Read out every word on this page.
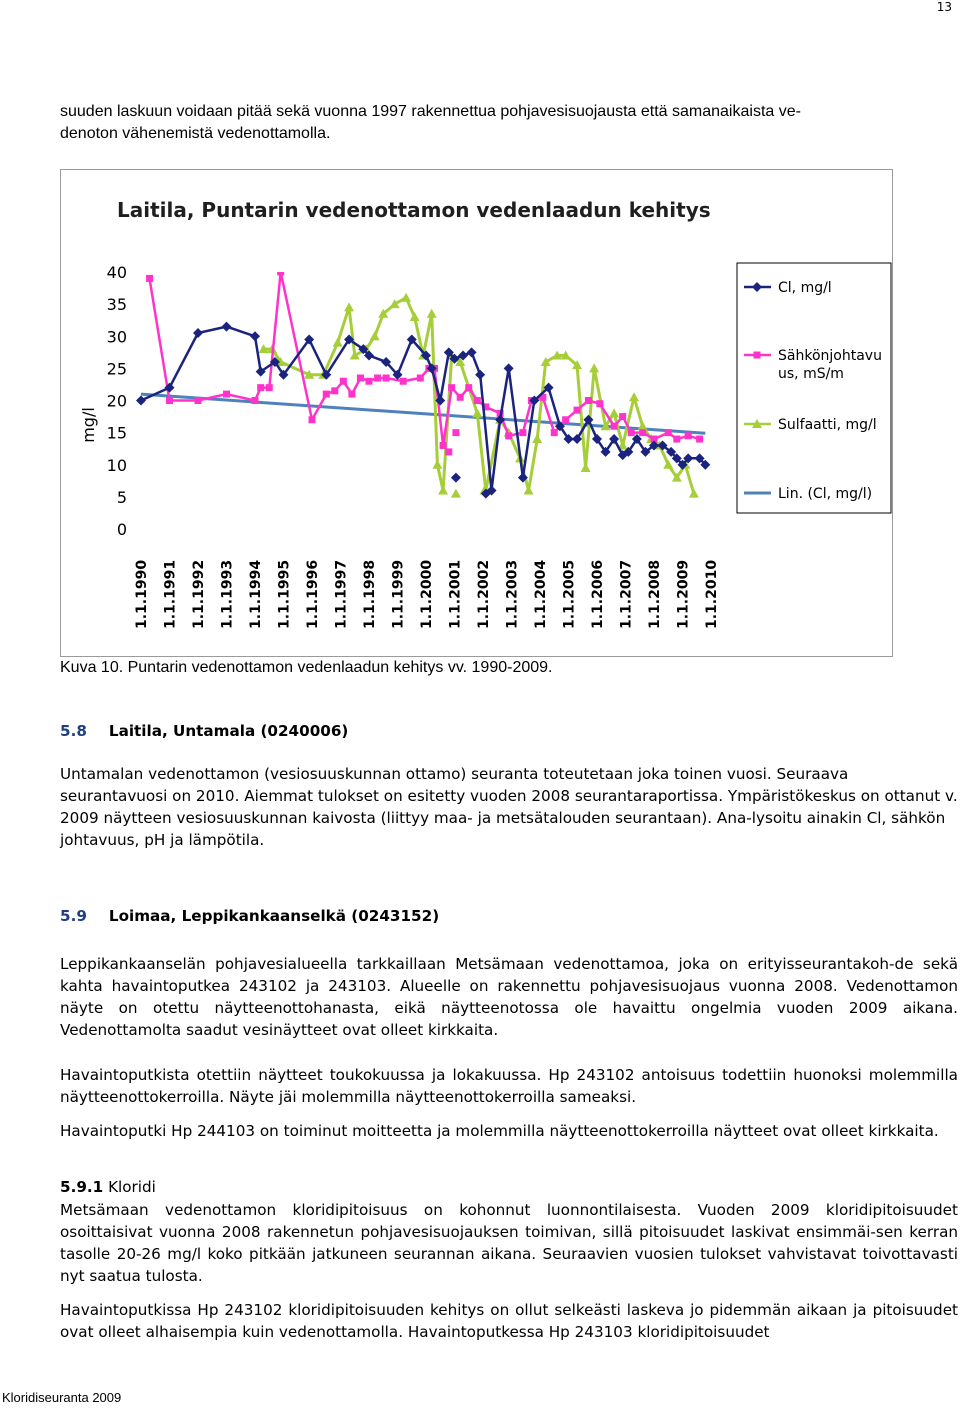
13

suuden laskuun voidaan pitää sekä vuonna 1997 rakennettua pohjavesisuojausta että samanaikaista ve-
denoton vähenemistä vedenottamolla.

Laitila, Puntarin vedenottamon vedenlaadun kehitys
mg/l
0
5
10
15
20
25
30
35
40
1.1.1990 1.1.1991 1.1.1992 1.1.1993 1.1.1994 1.1.1995 1.1.1996 1.1.1997 1.1.1998 1.1.1999 1.1.2000 1.1.2001 1.1.2002 1.1.2003 1.1.2004 1.1.2005 1.1.2006 1.1.2007 1.1.2008 1.1.2009 1.1.2010
Cl, mg/l
Sähkönjohtavu
us, mS/m
Sulfaatti, mg/l
Lin. (Cl, mg/l)
Kuva 10. Puntarin vedenottamon vedenlaadun kehitys vv. 1990-2009.
5.8 Laitila, Untamala (0240006)

Untamalan vedenottamon (vesiosuuskunnan ottamo) seuranta toteutetaan joka toinen vuosi. Seuraava seurantavuosi on 2010. Aiemmat tulokset on esitetty vuoden 2008 seurantaraportissa. Ympäristökeskus on ottanut v. 2009 näytteen vesiosuuskunnan kaivosta (liittyy maa- ja metsätalouden seurantaan). Ana-lysoitu ainakin Cl, sähkön johtavuus, pH ja lämpötila.

5.9 Loimaa, Leppikankaanselkä (0243152)

Leppikankaanselän pohjavesialueella tarkkaillaan Metsämaan vedenottamoa, joka on erityisseurantakoh-de sekä kahta havaintoputkea 243102 ja 243103. Alueelle on rakennettu pohjavesisuojaus vuonna 2008. Vedenottamon näyte on otettu näytteenottohanasta, eikä näytteenotossa ole havaittu ongelmia vuoden 2009 aikana. Vedenottamolta saadut vesinäytteet ovat olleet kirkkaita.

Havaintoputkista otettiin näytteet toukokuussa ja lokakuussa. Hp 243102 antoisuus todettiin huonoksi molemmilla näytteenottokerroilla. Näyte jäi molemmilla näytteenottokerroilla sameaksi.

Havaintoputki Hp 244103 on toiminut moitteetta ja molemmilla näytteenottokerroilla näytteet ovat olleet kirkkaita.

5.9.1 Kloridi

Metsämaan vedenottamon kloridipitoisuus on kohonnut luonnontilaisesta. Vuoden 2009 kloridipitoisuudet osoittaisivat vuonna 2008 rakennetun pohjavesisuojauksen toimivan, sillä pitoisuudet laskivat ensimmäi-sen kerran tasolle 20-26 mg/l koko pitkään jatkuneen seurannan aikana. Seuraavien vuosien tulokset vahvistavat toivottavasti nyt saatua tulosta.

Havaintoputkissa Hp 243102 kloridipitoisuuden kehitys on ollut selkeästi laskeva jo pidemmän aikaan ja pitoisuudet ovat olleet alhaisempia kuin vedenottamolla. Havaintoputkessa Hp 243103 kloridipitoisuudet

Kloridiseuranta 2009
